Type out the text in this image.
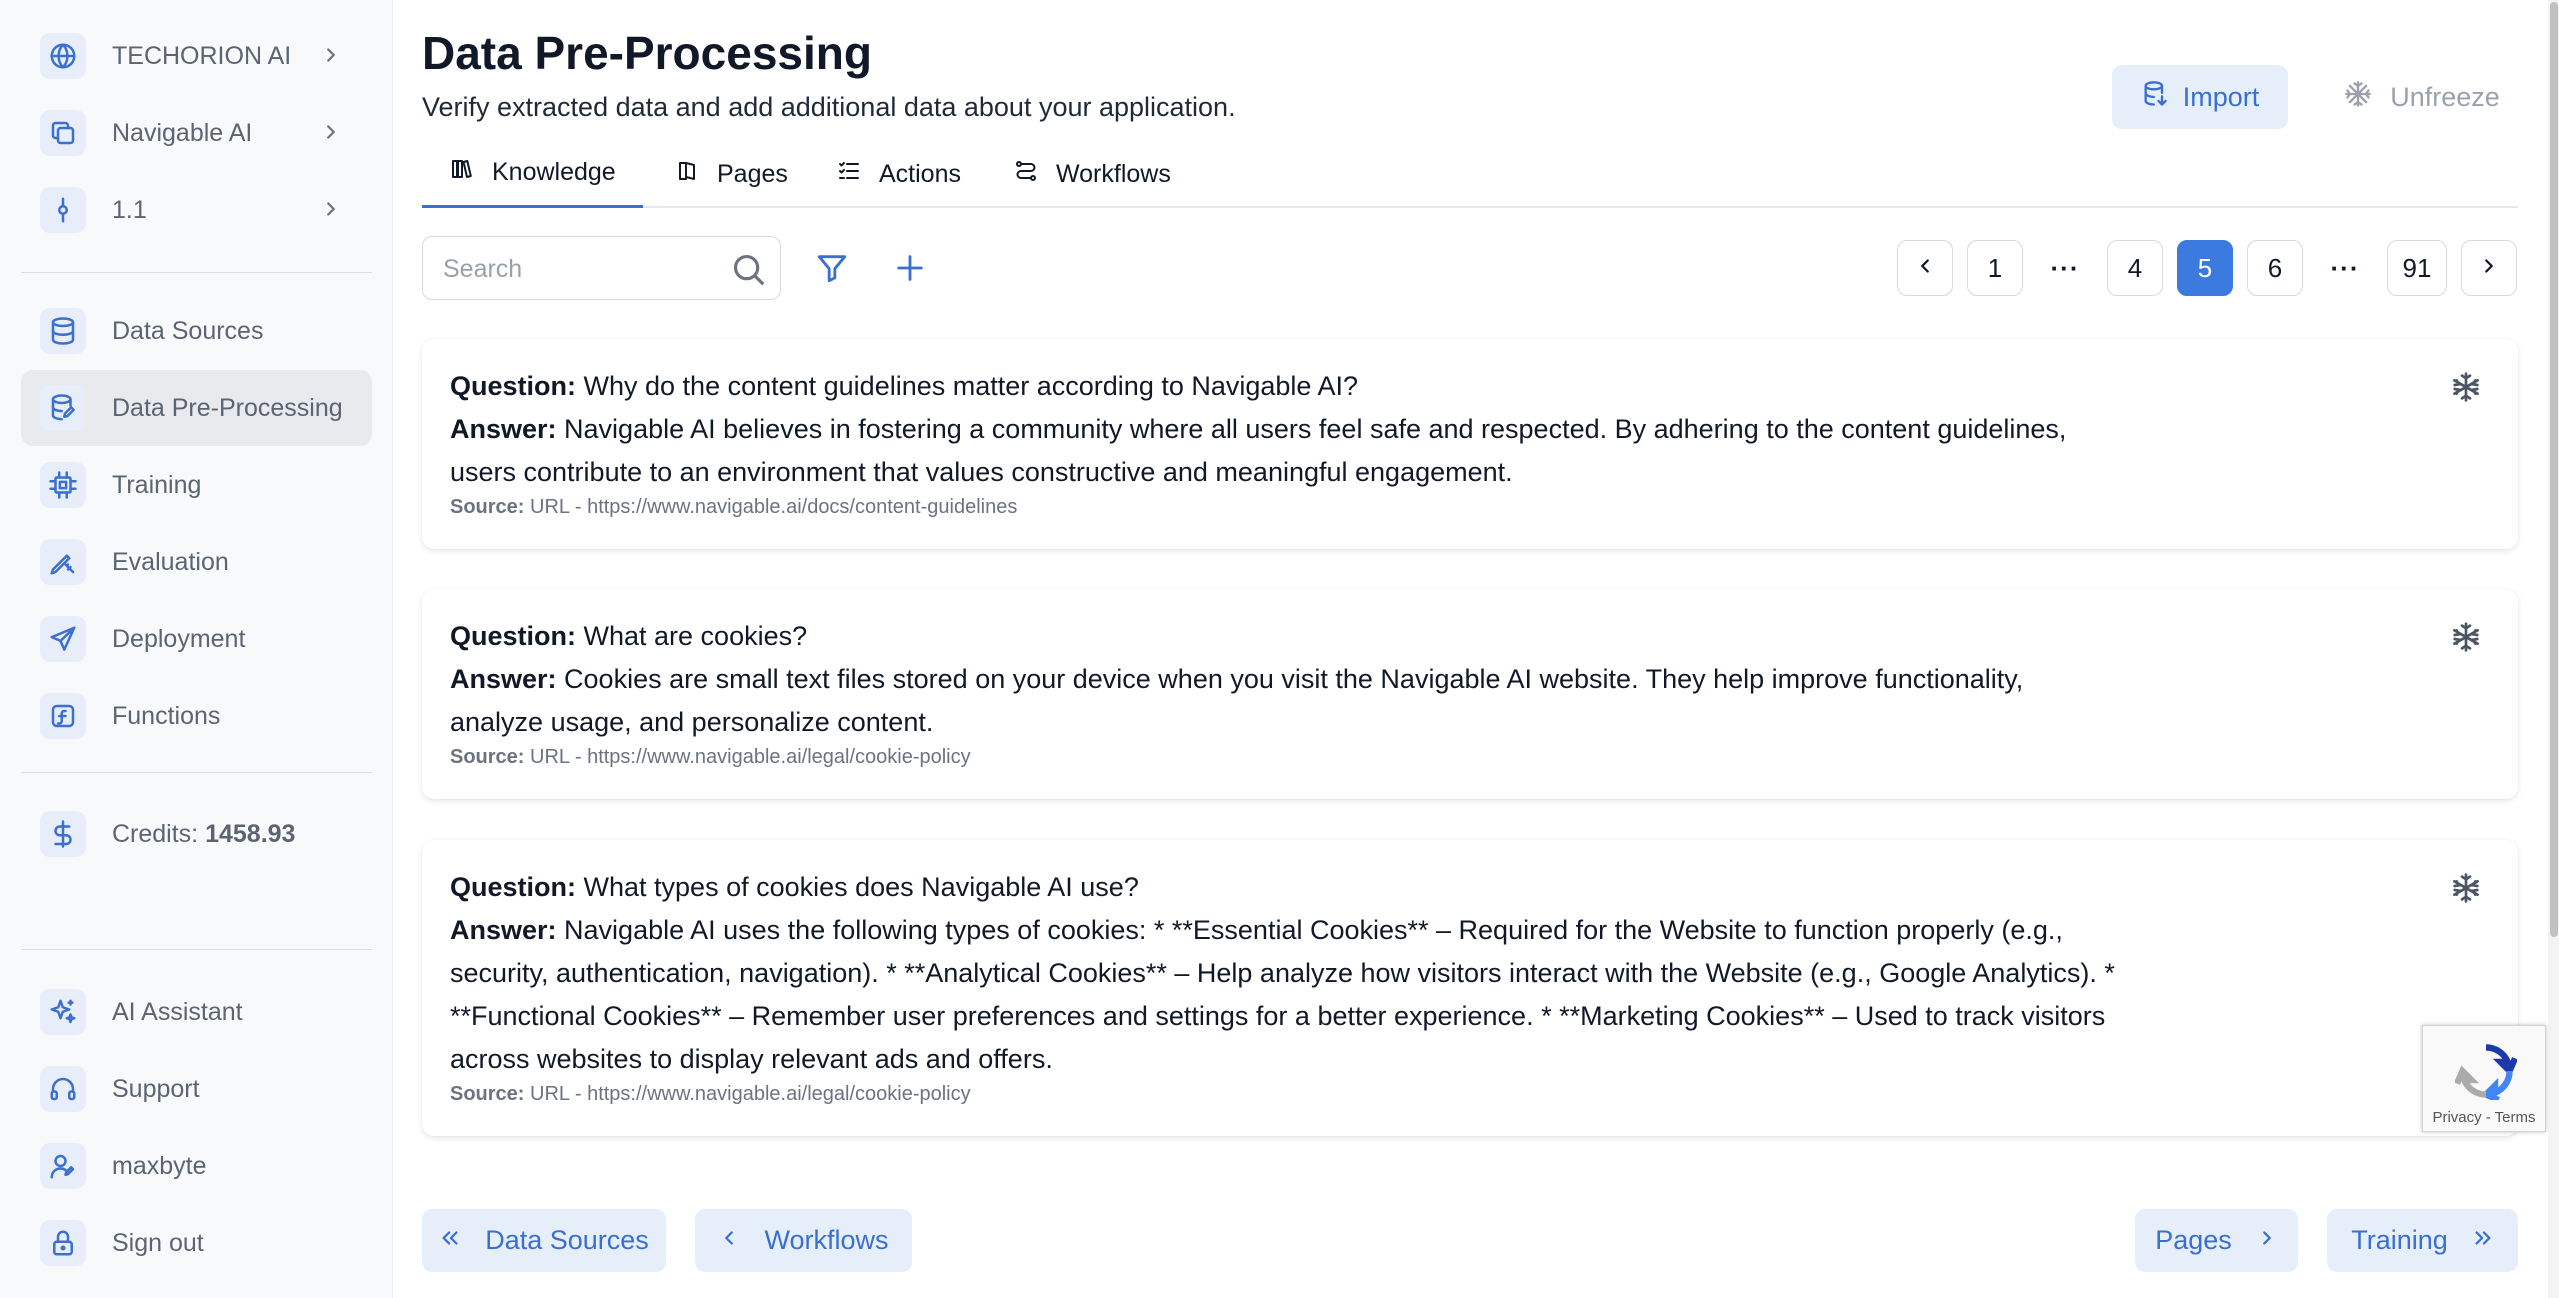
TECHORION AI
Navigable AI
1.1
Data Sources
Data Pre-Processing
Training
Evaluation
Deployment
Functions
Credits: 1458.93
AI Assistant
Support
maxbyte
Sign out
Data Pre-Processing
Verify extracted data and add additional data about your application.	Import	Unfreeze
Knowledge	Pages	Actions	Workflows
Search
1	···	4	5	6	···	91
Question: Why do the content guidelines matter according to Navigable AI?
Answer: Navigable AI believes in fostering a community where all users feel safe and respected. By adhering to the content guidelines, users contribute to an environment that values constructive and meaningful engagement.
Source: URL - https://www.navigable.ai/docs/content-guidelines
Question: What are cookies?
Answer: Cookies are small text files stored on your device when you visit the Navigable AI website. They help improve functionality, analyze usage, and personalize content.
Source: URL - https://www.navigable.ai/legal/cookie-policy
Question: What types of cookies does Navigable AI use?
Answer: Navigable AI uses the following types of cookies: * **Essential Cookies** – Required for the Website to function properly (e.g., security, authentication, navigation). * **Analytical Cookies** – Help analyze how visitors interact with the Website (e.g., Google Analytics). * **Functional Cookies** – Remember user preferences and settings for a better experience. * **Marketing Cookies** – Used to track visitors across websites to display relevant ads and offers.
Source: URL - https://www.navigable.ai/legal/cookie-policy
Data Sources	Workflows	Pages	Training
Privacy - Terms
